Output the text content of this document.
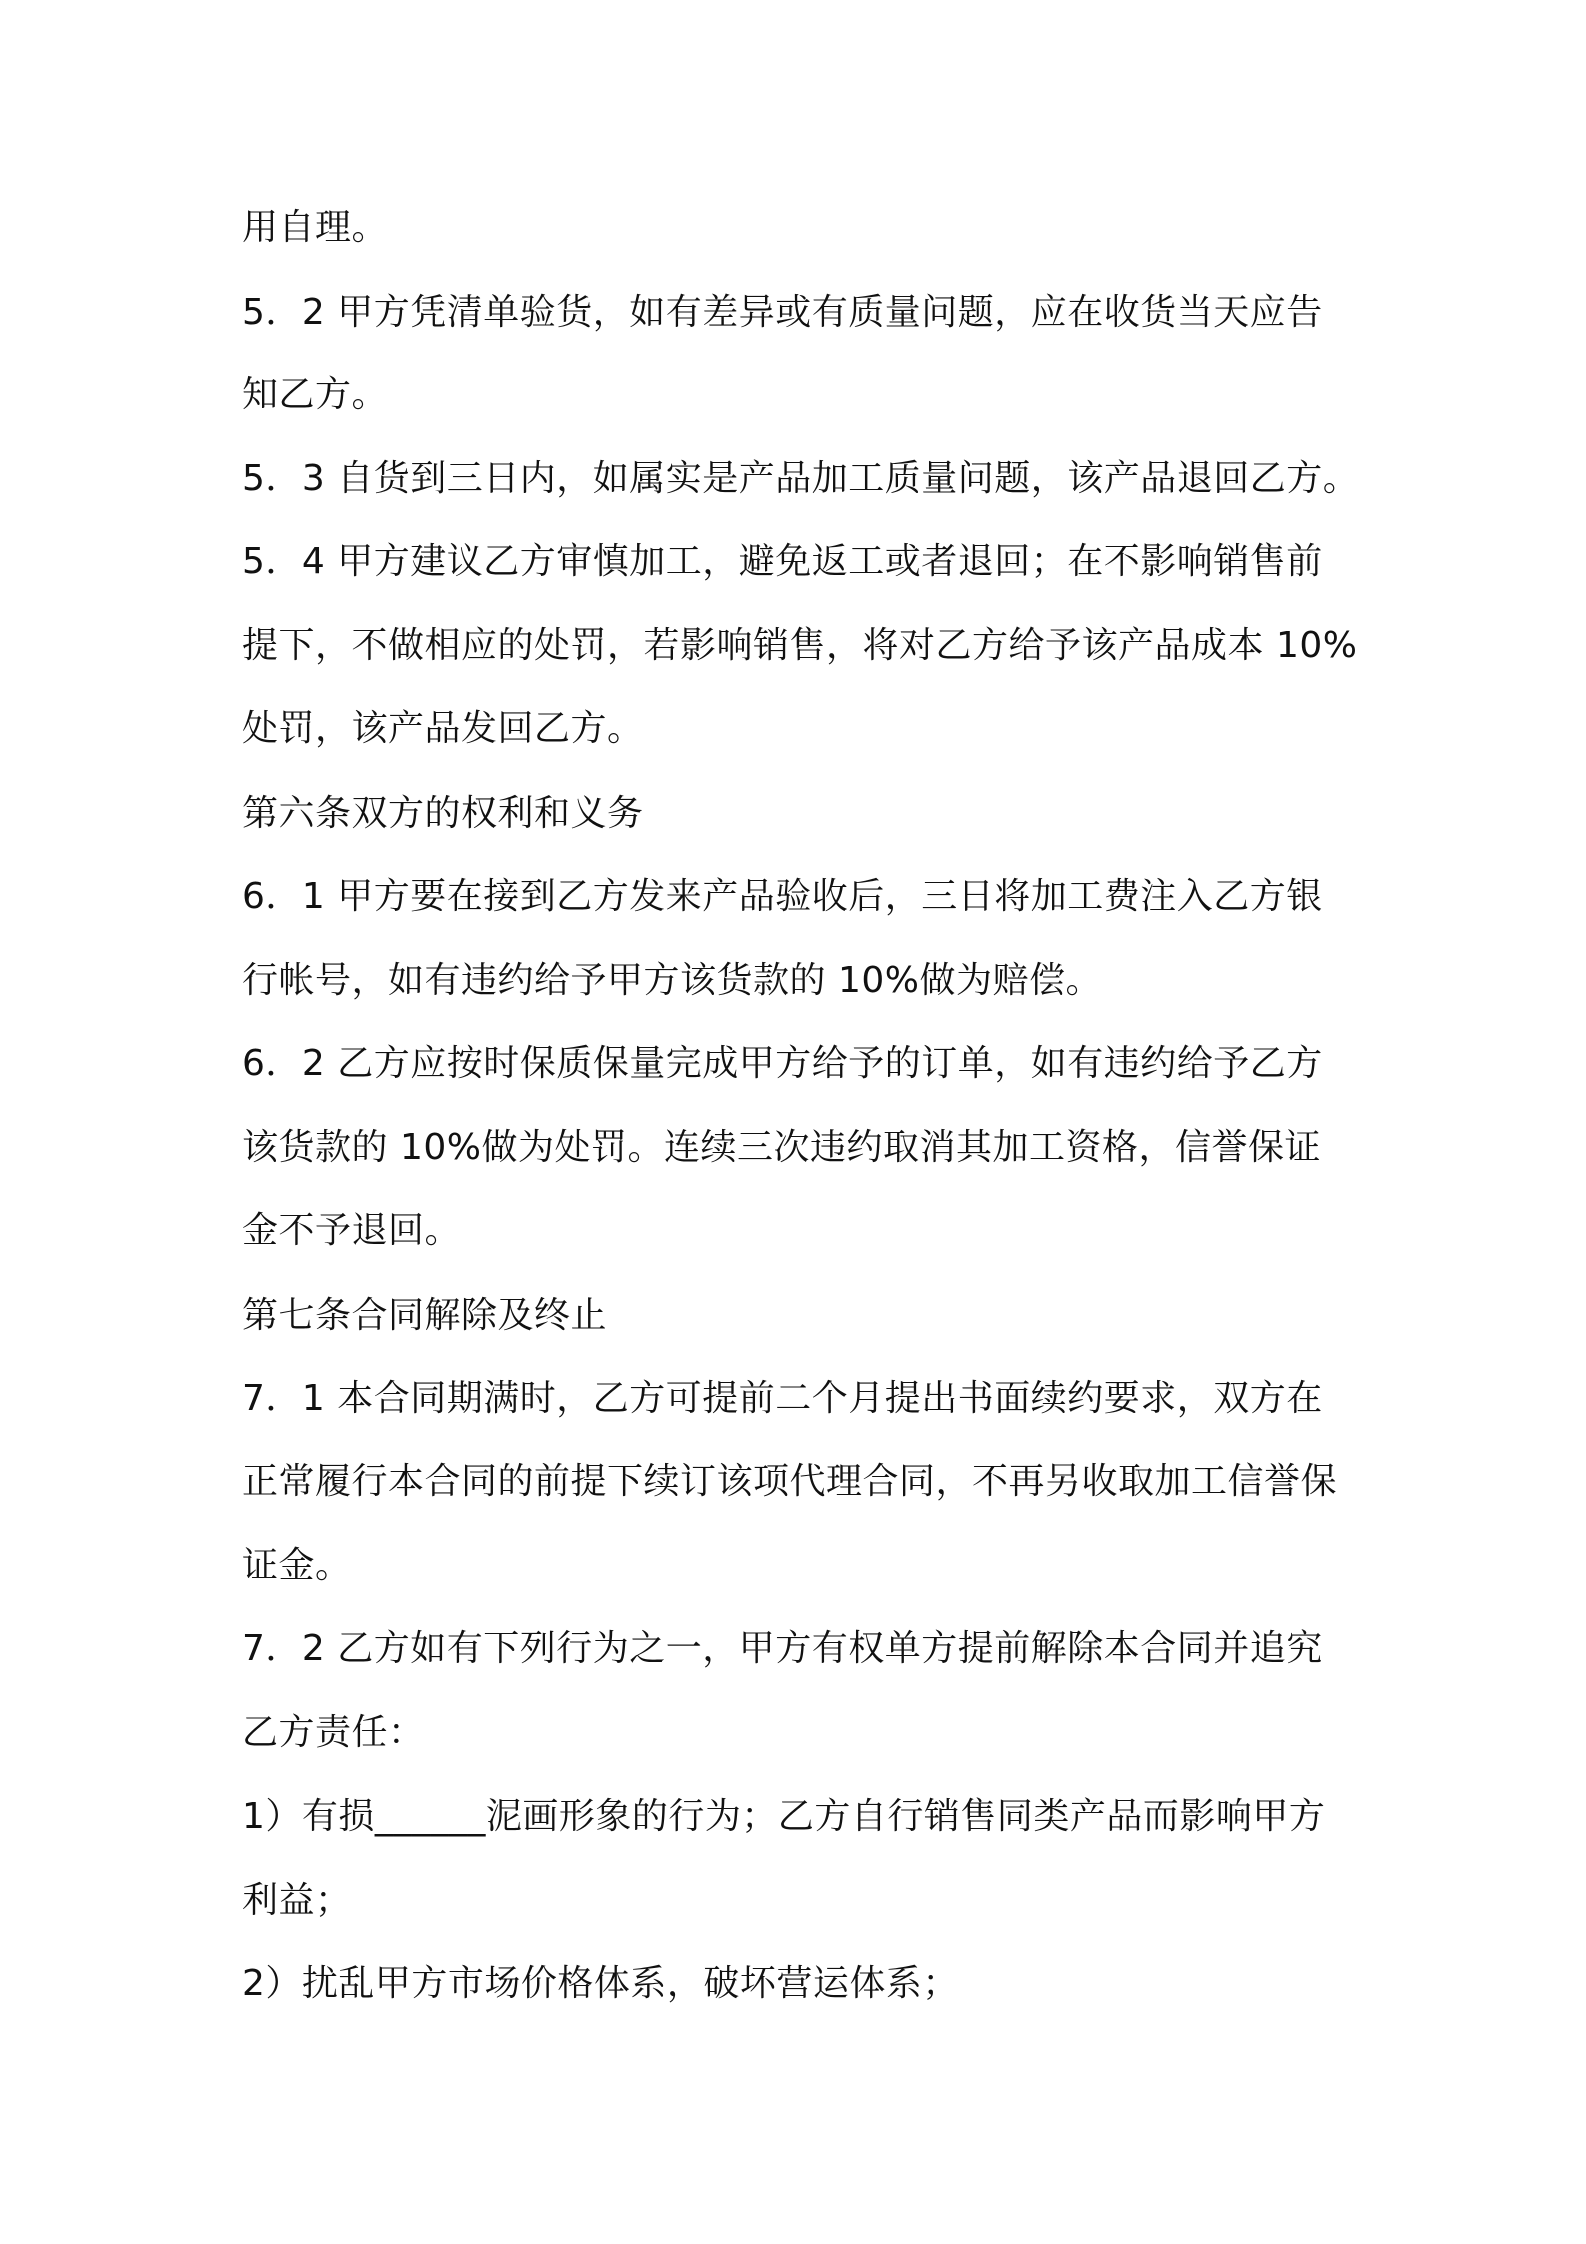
用自理。
5．2 甲方凭清单验货，如有差异或有质量问题，应在收货当天应告
知乙方。
5．3 自货到三日内，如属实是产品加工质量问题，该产品退回乙方。
5．4 甲方建议乙方审慎加工，避免返工或者退回；在不影响销售前
提下，不做相应的处罚，若影响销售，将对乙方给予该产品成本 10%
处罚，该产品发回乙方。
第六条双方的权利和义务
6．1 甲方要在接到乙方发来产品验收后，三日将加工费注入乙方银
行帐号，如有违约给予甲方该货款的 10%做为赔偿。
6．2 乙方应按时保质保量完成甲方给予的订单，如有违约给予乙方
该货款的 10%做为处罚。连续三次违约取消其加工资格，信誉保证
金不予退回。
第七条合同解除及终止
7．1 本合同期满时，乙方可提前二个月提出书面续约要求，双方在
正常履行本合同的前提下续订该项代理合同，不再另收取加工信誉保
证金。
7．2 乙方如有下列行为之一，甲方有权单方提前解除本合同并追究
乙方责任：
1）有损______泥画形象的行为；乙方自行销售同类产品而影响甲方
利益；
2）扰乱甲方市场价格体系，破坏营运体系；
